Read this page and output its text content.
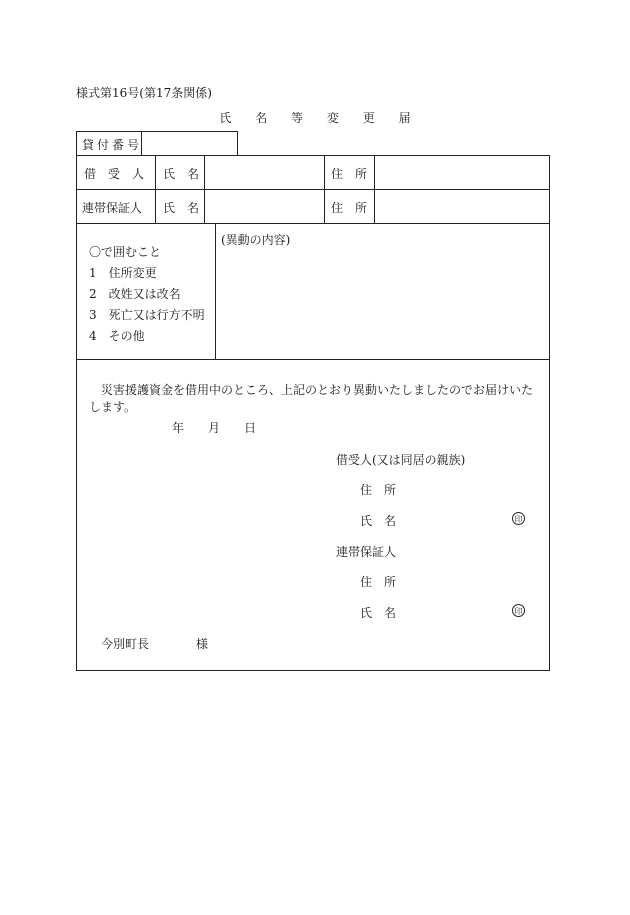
様式第16号(第17条関係)
氏 名 等 変 更 届
貸付番号
借　受　人 氏　名	住　所
連帯保証人 氏　名	住　所
〇で囲むこと
1　住所変更
2　改姓又は改名
3　死亡又は行方不明
4　その他
(異動の内容)
災害援護資金を借用中のところ、上記のとおり異動いたしましたのでお届けいた
します。
年 月 日
借受人(又は同居の親族)
住　所
氏　名	印
連帯保証人
住　所
氏　名	印
今別町長	様
